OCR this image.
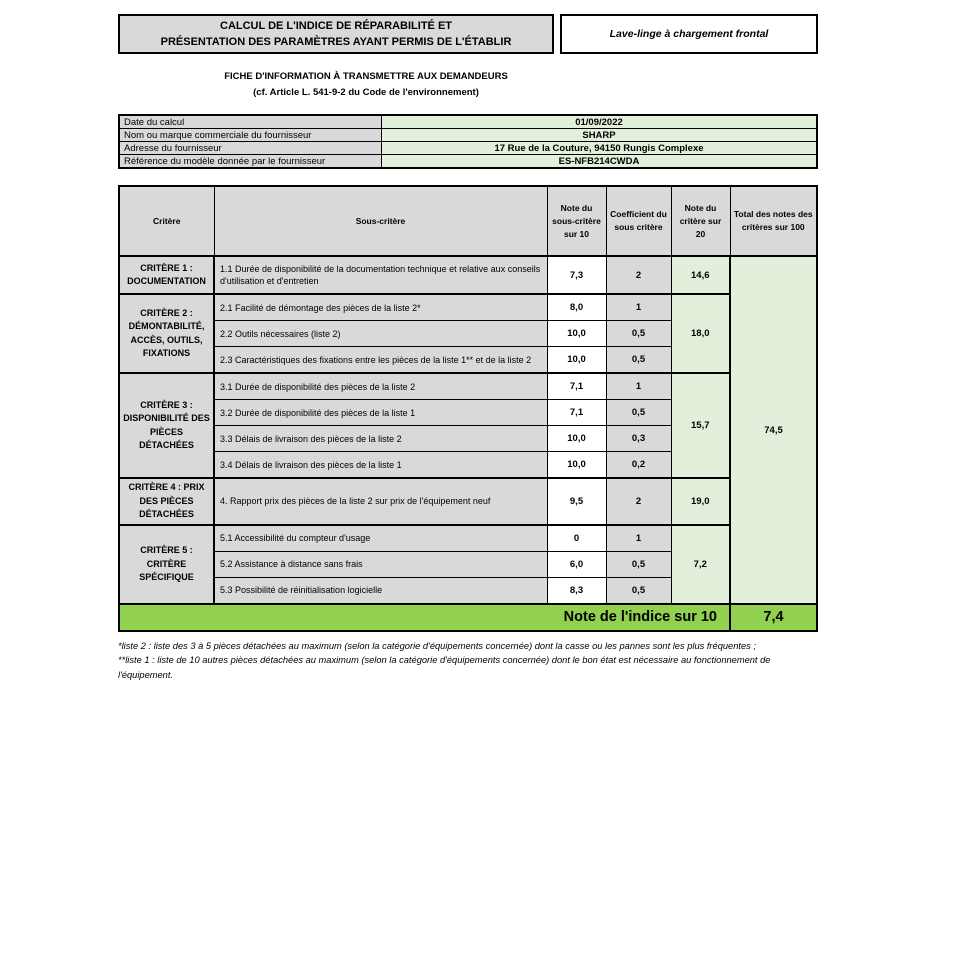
CALCUL DE L'INDICE DE RÉPARABILITÉ ET
PRÉSENTATION DES PARAMÈTRES AYANT PERMIS DE L'ÉTABLIR
Lave-linge à chargement frontal
FICHE D'INFORMATION À TRANSMETTRE AUX DEMANDEURS
(cf. Article L. 541-9-2 du Code de l'environnement)
Date du calcul	01/09/2022
Nom ou marque commerciale du fournisseur	SHARP
Adresse du fournisseur	17 Rue de la Couture, 94150 Rungis Complexe
Référence du modèle donnée par le fournisseur	ES-NFB214CWDA
Critère	Sous-critère	Note du sous-critère sur 10	Coefficient du sous critère	Note du critère sur 20	Total des notes des critères sur 100
CRITÈRE 1 : DOCUMENTATION	1.1 Durée de disponibilité de la documentation technique et relative aux conseils d'utilisation et d'entretien	7,3	2	14,6	74,5
CRITÈRE 2 : DÉMONTABILITÉ, ACCÈS, OUTILS, FIXATIONS	2.1 Facilité de démontage des pièces de la liste 2*	8,0	1	18,0	
	2.2 Outils nécessaires (liste 2)	10,0	0,5		
	2.3 Caractéristiques des fixations entre les pièces de la liste 1** et de la liste 2	10,0	0,5		
CRITÈRE 3 : DISPONIBILITÉ DES PIÈCES DÉTACHÉES	3.1 Durée de disponibilité des pièces de la liste 2	7,1	1	15,7	
	3.2 Durée de disponibilité des pièces de la liste 1	7,1	0,5		
	3.3 Délais de livraison des pièces de la liste 2	10,0	0,3		
	3.4 Délais de livraison des pièces de la liste 1	10,0	0,2		
CRITÈRE 4 : PRIX DES PIÈCES DÉTACHÉES	4. Rapport prix des pièces de la liste 2 sur prix de l'équipement neuf	9,5	2	19,0	
CRITÈRE 5 : CRITÈRE SPÉCIFIQUE	5.1 Accessibilité du compteur d'usage	0	1	7,2	
	5.2 Assistance à distance sans frais	6,0	0,5		
	5.3 Possibilité de réinitialisation logicielle	8,3	0,5		
Note de l'indice sur 10					7,4

*liste 2 : liste des 3 à 5 pièces détachées au maximum (selon la catégorie d'équipements concernée) dont la casse ou les pannes sont les plus fréquentes ;

**liste 1 : liste de 10 autres pièces détachées au maximum (selon la catégorie d'équipements concernée) dont le bon état est nécessaire au fonctionnement de l'équipement.
